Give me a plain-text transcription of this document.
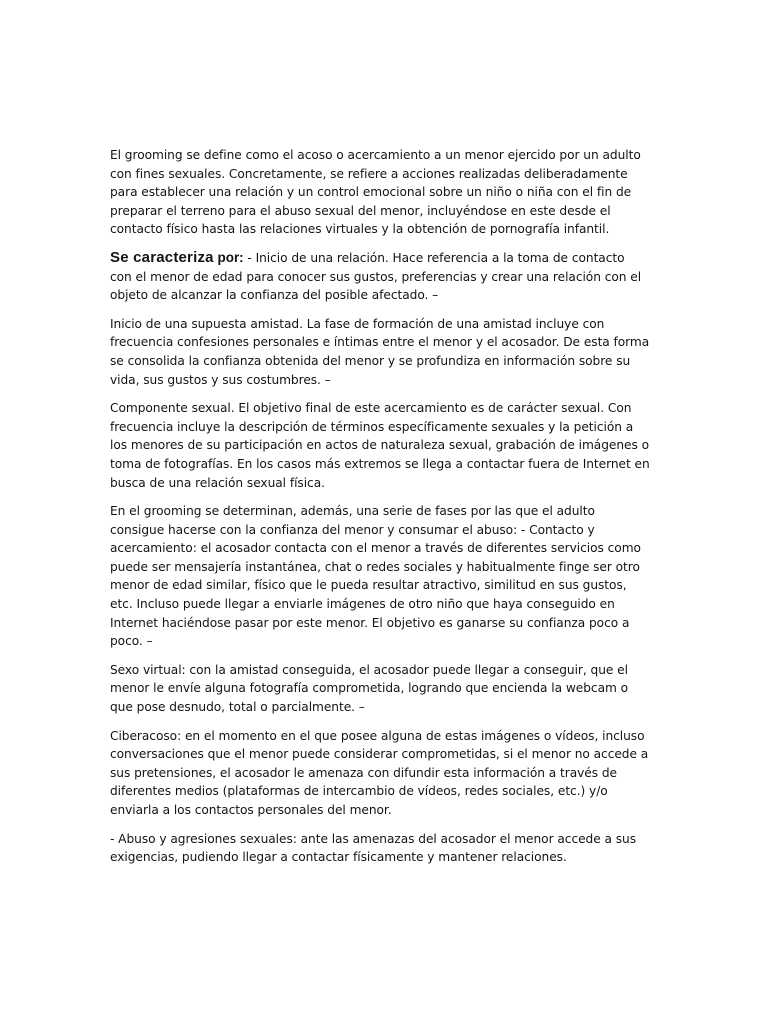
El grooming se define como el acoso o acercamiento a un menor ejercido por un adulto con fines sexuales. Concretamente, se refiere a acciones realizadas deliberadamente para establecer una relación y un control emocional sobre un niño o niña con el fin de preparar el terreno para el abuso sexual del menor, incluyéndose en este desde el contacto físico hasta las relaciones virtuales y la obtención de pornografía infantil.

Se caracteriza por: - Inicio de una relación. Hace referencia a la toma de contacto con el menor de edad para conocer sus gustos, preferencias y crear una relación con el objeto de alcanzar la confianza del posible afectado. –

Inicio de una supuesta amistad. La fase de formación de una amistad incluye con frecuencia confesiones personales e íntimas entre el menor y el acosador. De esta forma se consolida la confianza obtenida del menor y se profundiza en información sobre su vida, sus gustos y sus costumbres. –

Componente sexual. El objetivo final de este acercamiento es de carácter sexual. Con frecuencia incluye la descripción de términos específicamente sexuales y la petición a los menores de su participación en actos de naturaleza sexual, grabación de imágenes o toma de fotografías. En los casos más extremos se llega a contactar fuera de Internet en busca de una relación sexual física.

En el grooming se determinan, además, una serie de fases por las que el adulto consigue hacerse con la confianza del menor y consumar el abuso: - Contacto y acercamiento: el acosador contacta con el menor a través de diferentes servicios como puede ser mensajería instantánea, chat o redes sociales y habitualmente finge ser otro menor de edad similar, físico que le pueda resultar atractivo, similitud en sus gustos, etc. Incluso puede llegar a enviarle imágenes de otro niño que haya conseguido en Internet haciéndose pasar por este menor. El objetivo es ganarse su confianza poco a poco. –

Sexo virtual: con la amistad conseguida, el acosador puede llegar a conseguir, que el menor le envíe alguna fotografía comprometida, logrando que encienda la webcam o que pose desnudo, total o parcialmente. –

Ciberacoso: en el momento en el que posee alguna de estas imágenes o vídeos, incluso conversaciones que el menor puede considerar comprometidas, si el menor no accede a sus pretensiones, el acosador le amenaza con difundir esta información a través de diferentes medios (plataformas de intercambio de vídeos, redes sociales, etc.) y/o enviarla a los contactos personales del menor.

- Abuso y agresiones sexuales: ante las amenazas del acosador el menor accede a sus exigencias, pudiendo llegar a contactar físicamente y mantener relaciones.
